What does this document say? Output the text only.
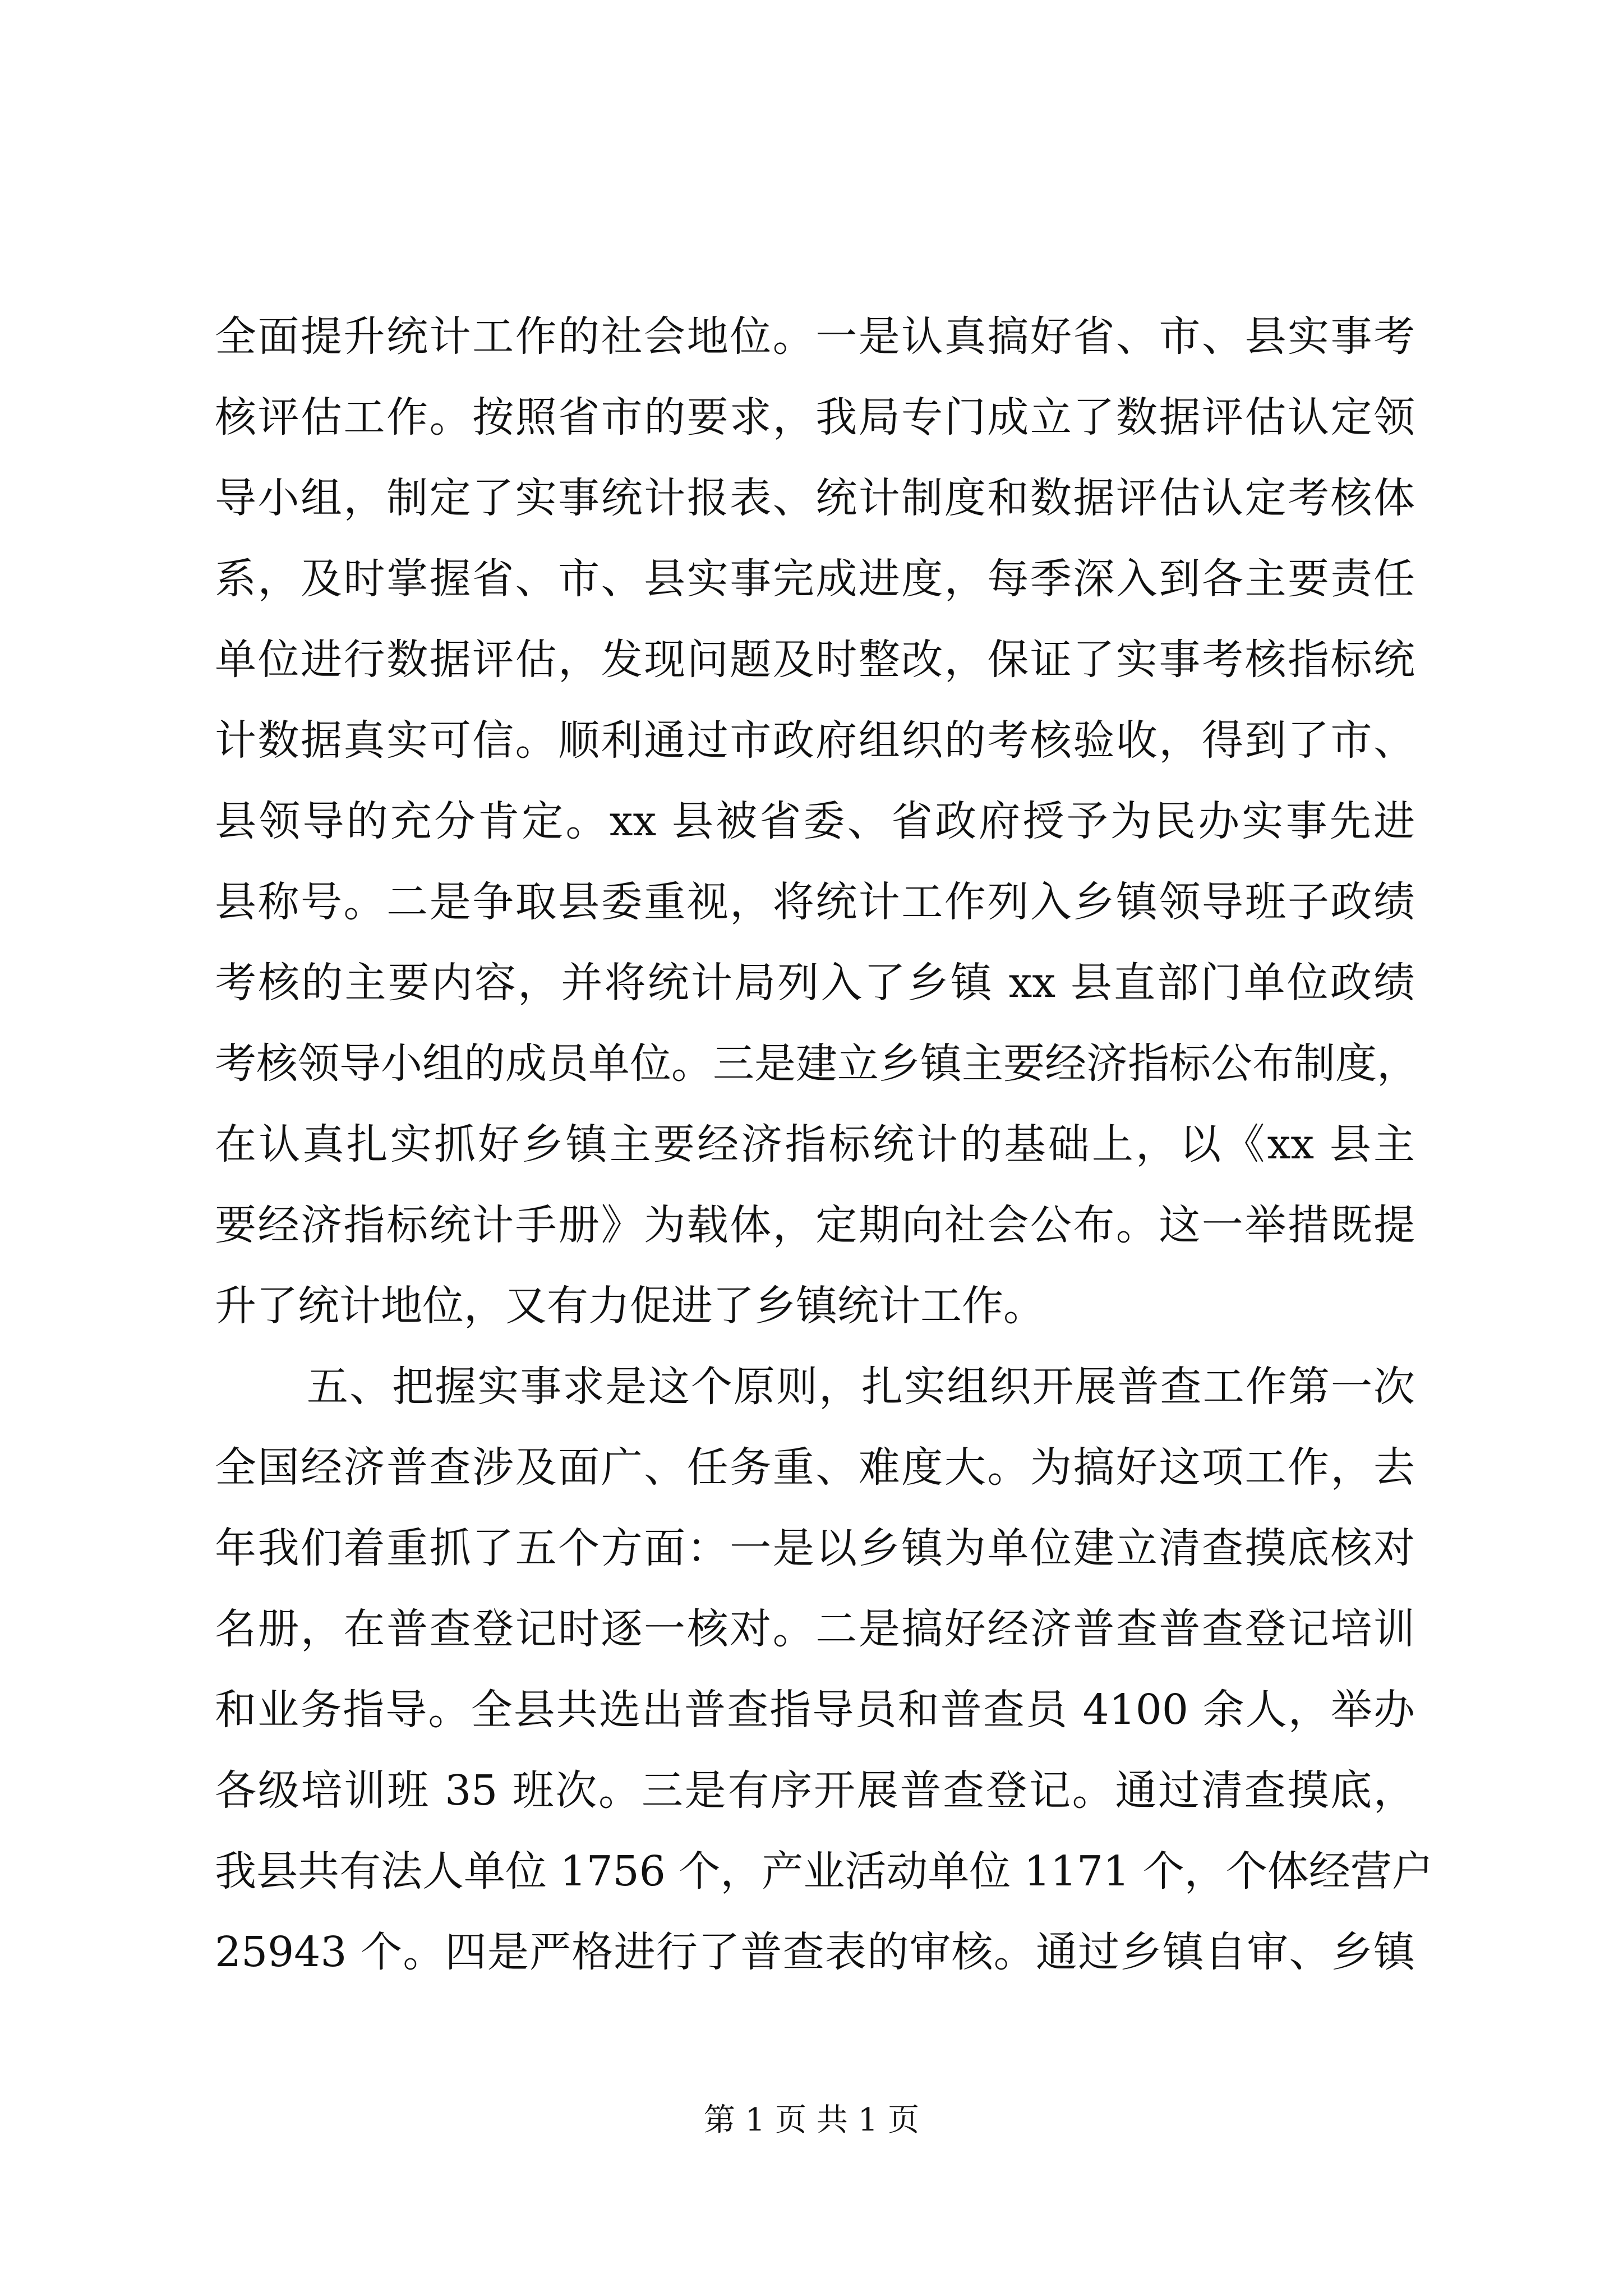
全面提升统计工作的社会地位。一是认真搞好省、市、县实事考
核评估工作。按照省市的要求，我局专门成立了数据评估认定领
导小组，制定了实事统计报表、统计制度和数据评估认定考核体
系，及时掌握省、市、县实事完成进度，每季深入到各主要责任
单位进行数据评估，发现问题及时整改，保证了实事考核指标统
计数据真实可信。顺利通过市政府组织的考核验收，得到了市、
县领导的充分肯定。xx 县被省委、省政府授予为民办实事先进
县称号。二是争取县委重视，将统计工作列入乡镇领导班子政绩
考核的主要内容，并将统计局列入了乡镇 xx 县直部门单位政绩
考核领导小组的成员单位。三是建立乡镇主要经济指标公布制度，
在认真扎实抓好乡镇主要经济指标统计的基础上，以《xx 县主
要经济指标统计手册》为载体，定期向社会公布。这一举措既提
升了统计地位，又有力促进了乡镇统计工作。
五、把握实事求是这个原则，扎实组织开展普查工作第一次
全国经济普查涉及面广、任务重、难度大。为搞好这项工作，去
年我们着重抓了五个方面：一是以乡镇为单位建立清查摸底核对
名册，在普查登记时逐一核对。二是搞好经济普查普查登记培训
和业务指导。全县共选出普查指导员和普查员 4100 余人，举办
各级培训班 35 班次。三是有序开展普查登记。通过清查摸底，
我县共有法人单位 1756 个，产业活动单位 1171 个，个体经营户
25943 个。四是严格进行了普查表的审核。通过乡镇自审、乡镇
第 1 页 共 1 页
